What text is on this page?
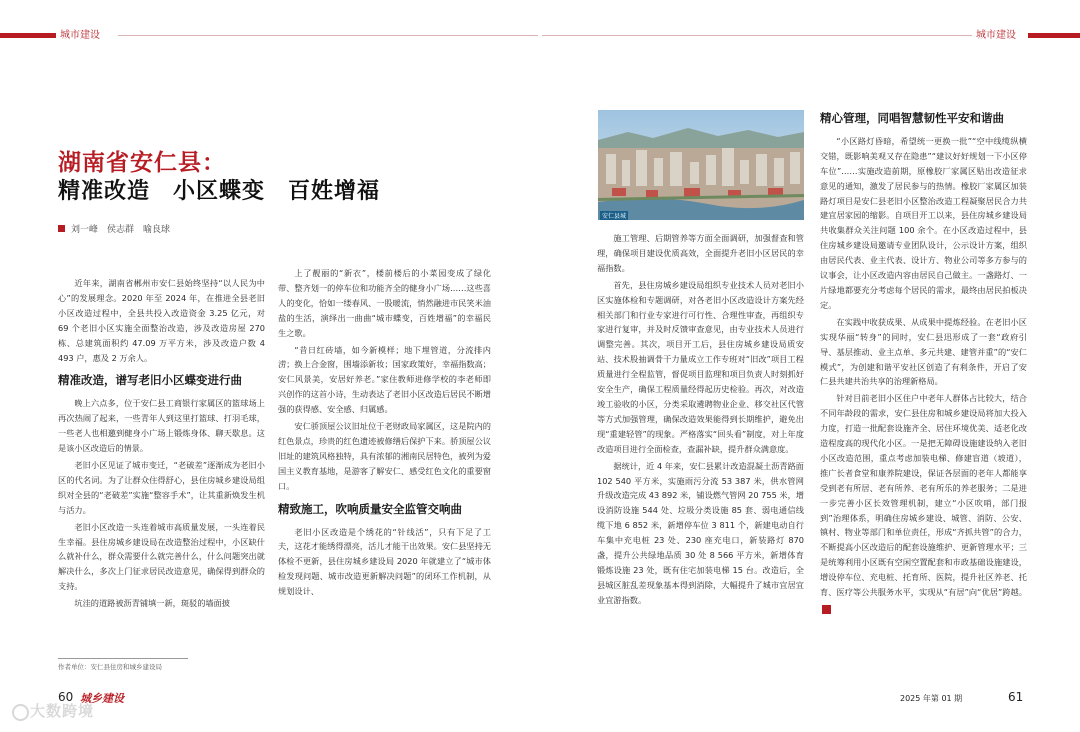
城市建设	城市建设
湖南省安仁县：
精准改造　小区蝶变　百姓增福
刘一峰　侯志群　喻良球

近年来，湖南省郴州市安仁县始终坚持“以人民为中心”的发展理念。2020 年至 2024 年，在推进全县老旧小区改造过程中，全县共投入改造资金 3.25 亿元，对 69 个老旧小区实施全面整治改造，涉及改造房屋 270 栋、总建筑面积约 47.09 万平方米，涉及改造户数 4 493 户，惠及 2 万余人。

精准改造，谱写老旧小区蝶变进行曲

晚上六点多，位于安仁县工商银行家属区的篮球场上再次热闹了起来，一些青年人到这里打篮球、打羽毛球，一些老人也相邀到健身小广场上锻炼身体、聊天歇息。这是该小区改造后的情景。

老旧小区见证了城市变迁，“老破差”逐渐成为老旧小区的代名词。为了让群众住得舒心，县住房城乡建设局组织对全县的“老破差”实施“整容手术”，让其重新焕发生机与活力。

老旧小区改造一头连着城市高质量发展，一头连着民生幸福。县住房城乡建设局在改造整治过程中，小区缺什么就补什么，群众需要什么就完善什么，什么问题突出就解决什么，多次上门征求居民改造意见，确保得到群众的支持。

坑洼的道路被沥青铺填一新，斑驳的墙面披

上了靓丽的“新衣”，楼前楼后的小菜园变成了绿化带、整齐划一的停车位和功能齐全的健身小广场……这些喜人的变化，恰如一缕春风、一股暖流，悄然融进市民笑米油盐的生活，演绎出一曲曲“城市蝶变，百姓增福”的幸福民生之歌。

“昔日红砖墙，如今新模样；地下埋管道，分流排内涝；换上合金窗，围墙添新妆；国家政策好，幸福指数高；安仁风景美，安居好养老。”家住教师进修学校的李老师即兴创作的这首小诗，生动表达了老旧小区改造后居民不断增强的获得感、安全感、归属感。

安仁骄顶屋公议旧址位于老财政局家属区，这是院内的红色景点，珍贵的红色遗迹被修缮后保护下来。骄顶屋公议旧址的建筑风格独特，具有浓郁的湘南民居特色，被列为爱国主义教育基地，是游客了解安仁、感受红色文化的重要窗口。

精致施工，吹响质量安全监管交响曲

老旧小区改造是个绣花的“针线活”，只有下足了工夫，这花才能绣得漂亮，活儿才能干出效果。安仁县坚持无体检不更新，县住房城乡建设局 2020 年就建立了“城市体检发现问题、城市改造更新解决问题”的闭环工作机制，从规划设计、

安仁县城

施工管理、后期管养等方面全面调研，加强督查和管理，确保项目建设优质高效，全面提升老旧小区居民的幸福指数。

首先，县住房城乡建设局组织专业技术人员对老旧小区实施体检和专题调研，对各老旧小区改造设计方案先经相关部门和行业专家进行可行性、合理性审查，再组织专家进行复审，并及时反馈审查意见，由专业技术人员进行调整完善。其次，项目开工后，县住房城乡建设局质安站、技术股抽调骨干力量成立工作专班对“旧改”项目工程质量进行全程监管，督促项目监理和项目负责人时刻抓好安全生产，确保工程质量经得起历史检验。再次，对改造竣工验收的小区，分类采取遴聘物业企业、移交社区代管等方式加强管理，确保改造效果能得到长期维护，避免出现“重建轻管”的现象。严格落实“回头看”制度，对上年度改造项目进行全面检查，查漏补缺，提升群众满意度。

据统计，近 4 年来，安仁县累计改造混凝土沥青路面 102 540 平方米，实施雨污分流 53 387 米，供水管网升级改造完成 43 892 米，铺设燃气管网 20 755 米，增设消防设施 544 处、垃圾分类设施 85 套、弱电通信线缆下地 6 852 米，新增停车位 3 811 个，新建电动自行车集中充电桩 23 处、230 座充电口，新装路灯 870 盏，提升公共绿地品质 30 处 8 566 平方米，新增体育锻炼设施 23 处，既有住宅加装电梯 15 台。改造后，全县城区脏乱差现象基本得到消除，大幅提升了城市宜居宜业宜游指数。

精心管理，同唱智慧韧性平安和谐曲

“小区路灯昏暗，希望统一更换一批”“空中线缆纵横交错，既影响美观又存在隐患”“建议好好规划一下小区停车位”……实施改造前期，原橡胶厂家属区贴出改造征求意见的通知，激发了居民参与的热情。橡胶厂家属区加装路灯项目是安仁县老旧小区整治改造工程凝聚居民合力共建宜居家园的缩影。自项目开工以来，县住房城乡建设局共收集群众关注问题 100 余个。在小区改造过程中，县住房城乡建设局邀请专业团队设计，公示设计方案，组织由居民代表、业主代表、设计方、物业公司等多方参与的议事会，让小区改造内容由居民自己做主。一盏路灯、一片绿地都要充分考虑每个居民的需求，最终由居民拍板决定。

在实践中收获成果、从成果中提炼经验。在老旧小区实现华丽“转身”的同时，安仁县迅形成了一套“政府引导、基层推动、业主点单、多元共建、建管并重”的“安仁模式”，为创建和谐平安社区创造了有利条件，开启了安仁县共建共治共享的治理新格局。

针对目前老旧小区住户中老年人群体占比较大，结合不同年龄段的需求，安仁县住房和城乡建设局将加大投入力度，打造一批配套设施齐全、居住环境优美、适老化改造程度高的现代化小区。一是把无障碍设施建设纳入老旧小区改造范围，重点考虑加装电梯、修建盲道（坡道），推广长者食堂和康养院建设，保证各层面的老年人都能享受到老有所居、老有所养、老有所乐的养老服务；二是进一步完善小区长效管理机制，建立“小区吹哨，部门报到”治理体系，明确住房城乡建设、城管、消防、公安、镇村、物业等部门和单位责任，形成“齐抓共管”的合力，不断提高小区改造后的配套设施维护、更新管理水平；三是统筹利用小区既有空闲空置配套和市政基础设施建设，增设停车位、充电桩、托育所、医院，提升社区养老、托育、医疗等公共服务水平，实现从“有居”向“优居”跨越。IX

作者单位：安仁县住房和城乡建设局
60 城乡建设	2025 年第 01 期	61
大数跨境
